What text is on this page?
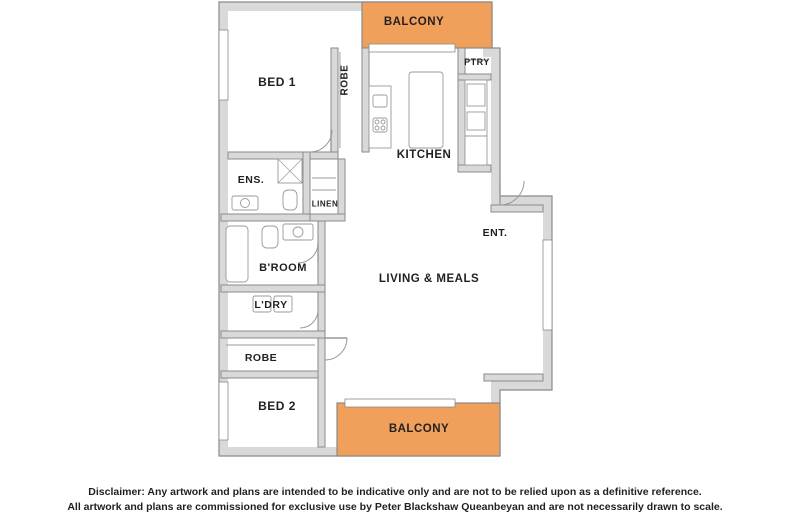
BALCONY
BED 1	ROBE
PTRY
KITCHEN
ENS.
LINEN
ENT.
B'ROOM
LIVING & MEALS
L'DRY
ROBE
BED 2
BALCONY
Disclaimer: Any artwork and plans are intended to be indicative only and are not to be relied upon as a definitive reference.
All artwork and plans are commissioned for exclusive use by Peter Blackshaw Queanbeyan and are not necessarily drawn to scale.
